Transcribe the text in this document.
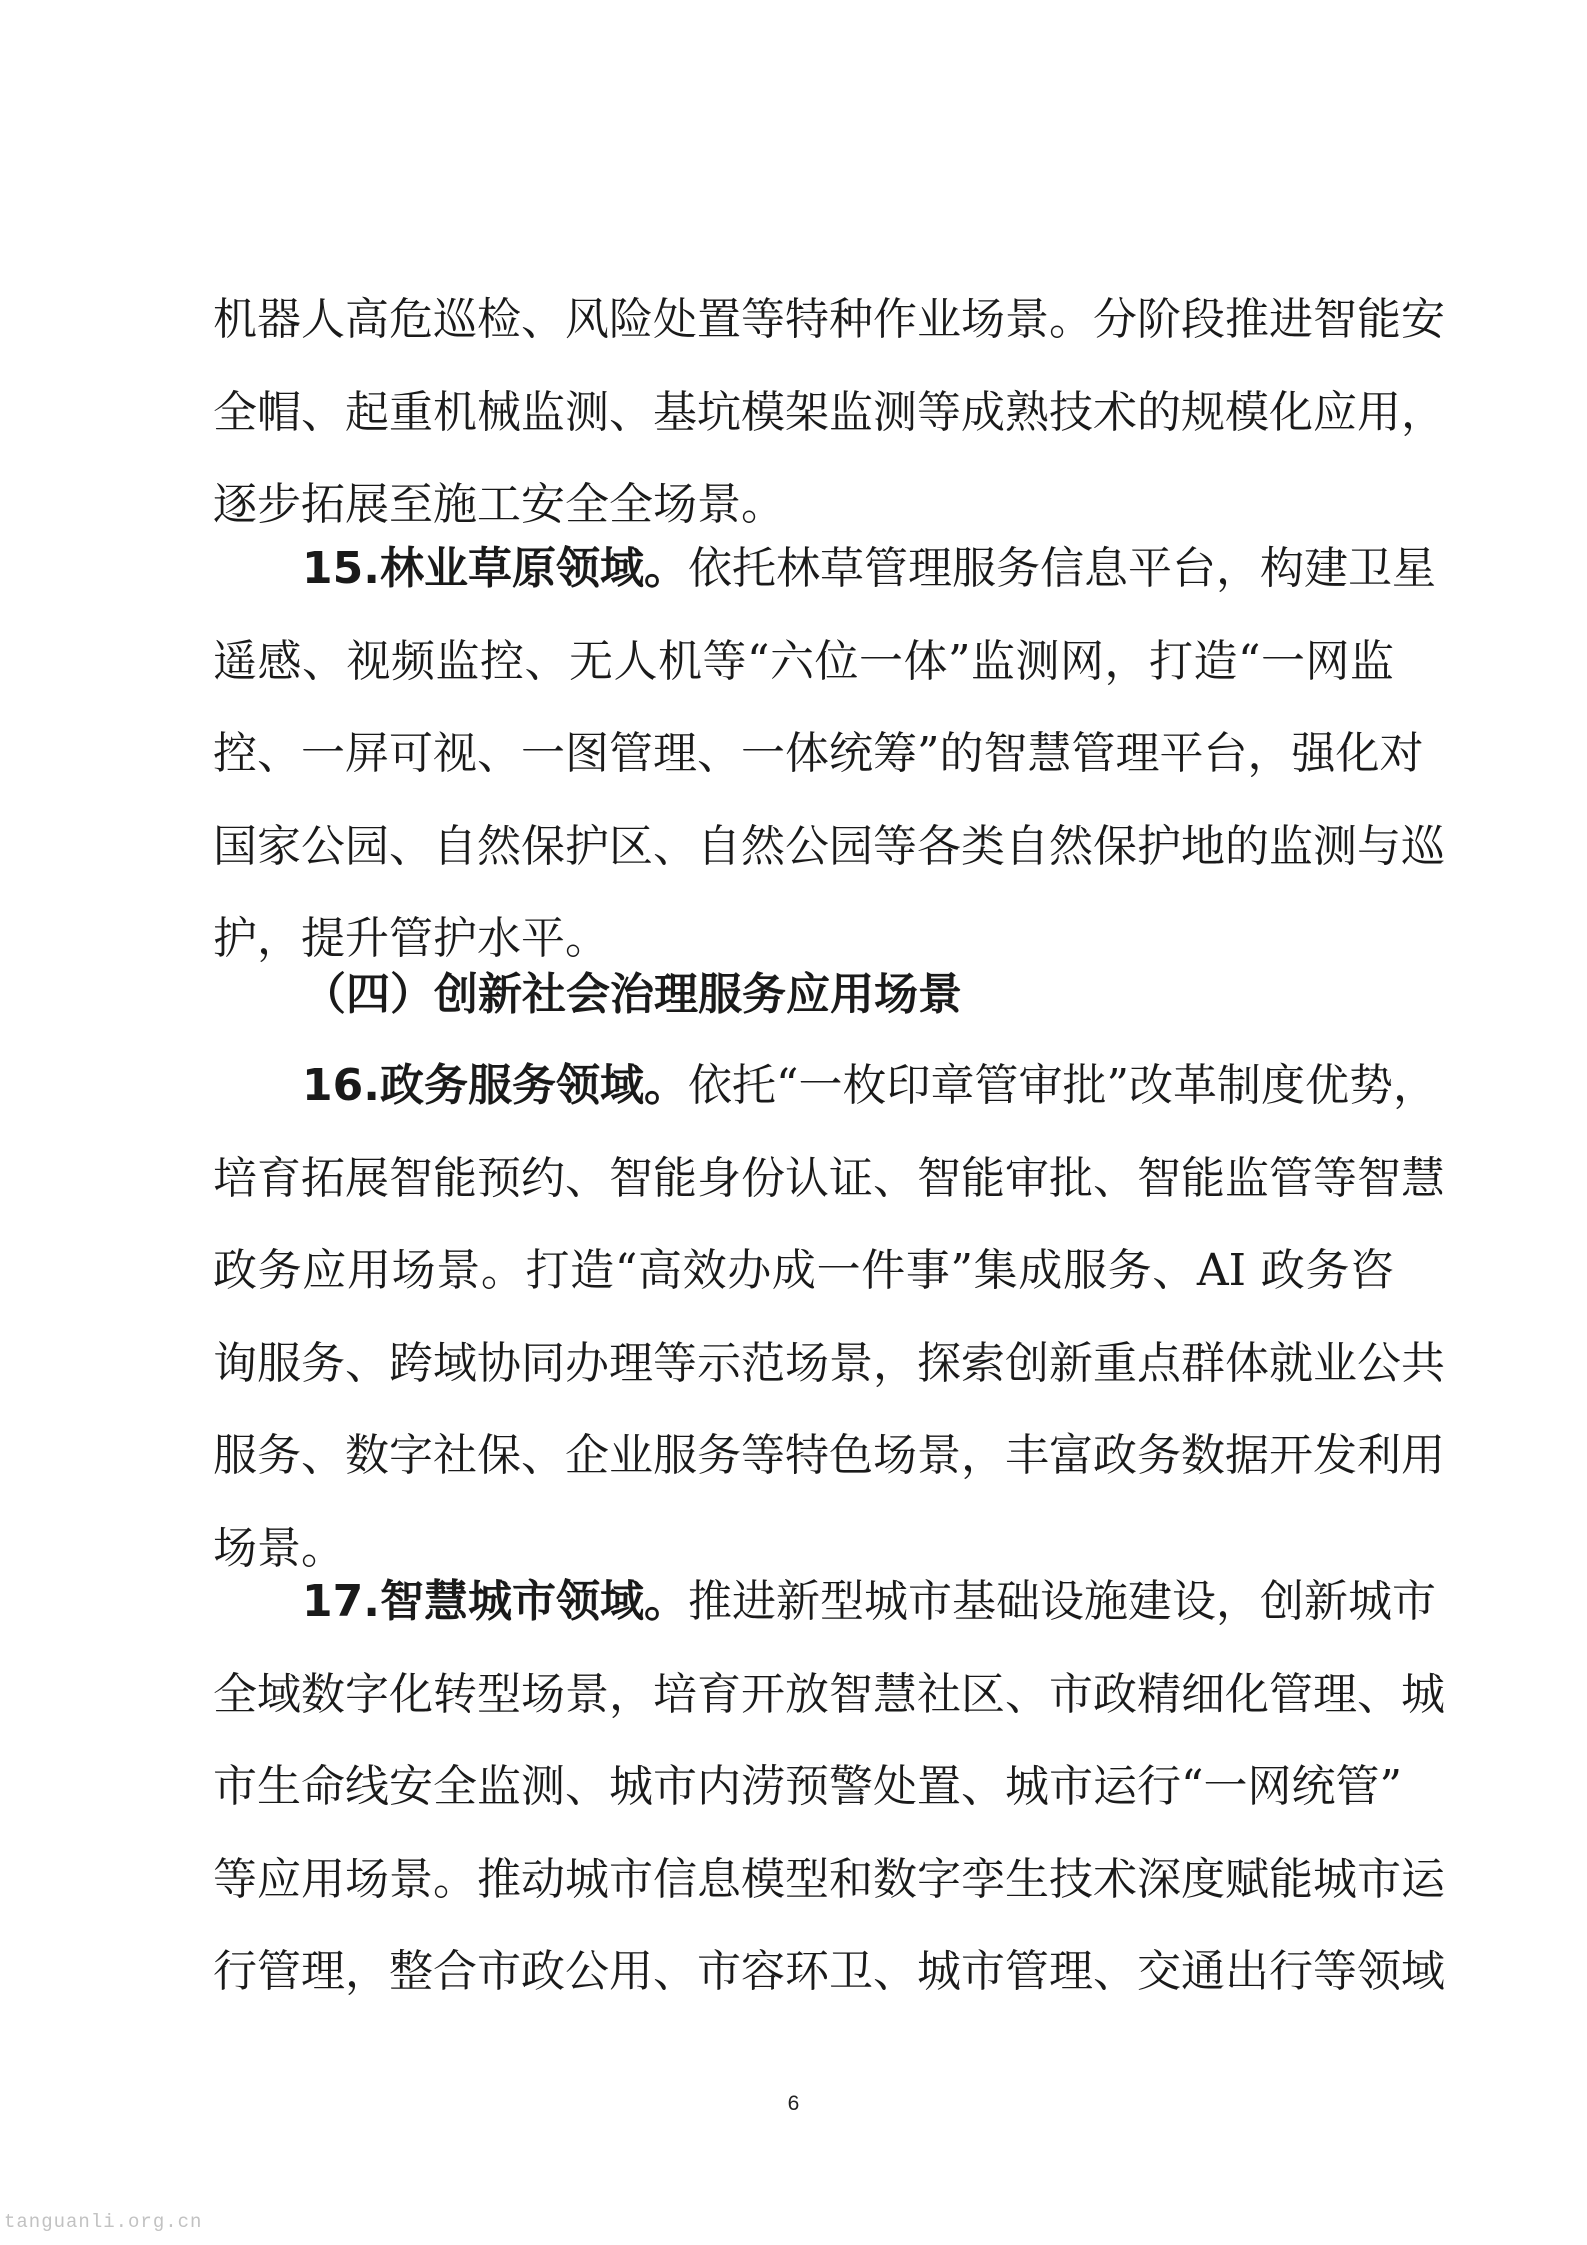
机器人高危巡检、风险处置等特种作业场景。分阶段推进智能安
全帽、起重机械监测、基坑模架监测等成熟技术的规模化应用，
逐步拓展至施工安全全场景。
15.林业草原领域。依托林草管理服务信息平台，构建卫星
遥感、视频监控、无人机等“六位一体”监测网，打造“一网监
控、一屏可视、一图管理、一体统筹”的智慧管理平台，强化对
国家公园、自然保护区、自然公园等各类自然保护地的监测与巡
护，提升管护水平。
（四）创新社会治理服务应用场景
16.政务服务领域。依托“一枚印章管审批”改革制度优势，
培育拓展智能预约、智能身份认证、智能审批、智能监管等智慧
政务应用场景。打造“高效办成一件事”集成服务、AI 政务咨
询服务、跨域协同办理等示范场景，探索创新重点群体就业公共
服务、数字社保、企业服务等特色场景，丰富政务数据开发利用
场景。
17.智慧城市领域。推进新型城市基础设施建设，创新城市
全域数字化转型场景，培育开放智慧社区、市政精细化管理、城
市生命线安全监测、城市内涝预警处置、城市运行“一网统管”
等应用场景。推动城市信息模型和数字孪生技术深度赋能城市运
行管理，整合市政公用、市容环卫、城市管理、交通出行等领域
6
tanguanli.org.cn
